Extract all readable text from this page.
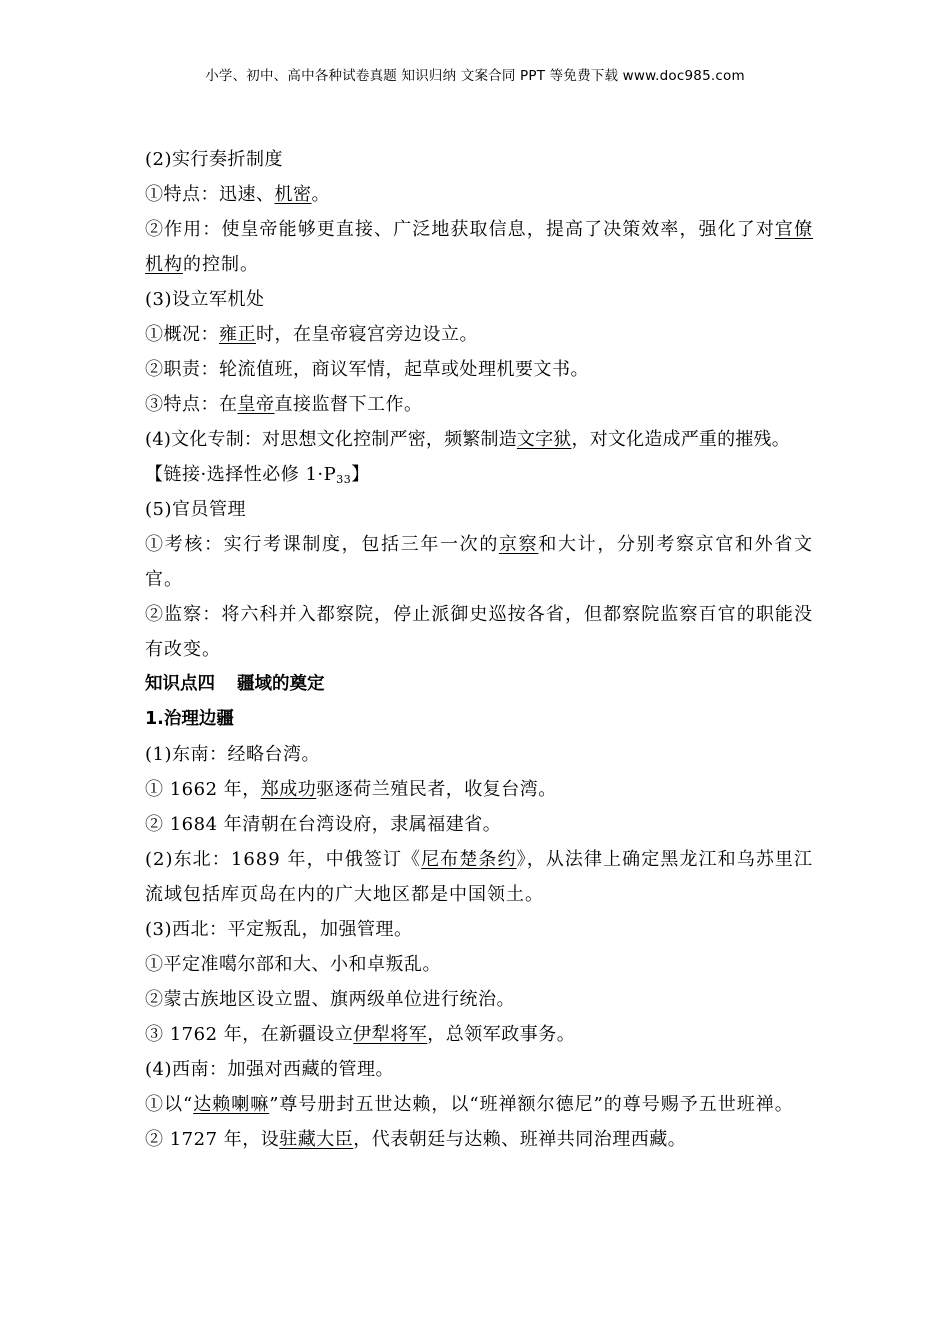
小学、初中、高中各种试卷真题 知识归纳 文案合同 PPT 等免费下载 www.doc985.com
(2)实行奏折制度
①特点：迅速、机密。
②作用：使皇帝能够更直接、广泛地获取信息，提高了决策效率，强化了对官僚机构的控制。
(3)设立军机处
①概况：雍正时，在皇帝寝宫旁边设立。
②职责：轮流值班，商议军情，起草或处理机要文书。
③特点：在皇帝直接监督下工作。
(4)文化专制：对思想文化控制严密，频繁制造文字狱，对文化造成严重的摧残。
【链接·选择性必修 $1\cdot P_{33}$】
(5)官员管理
①考核：实行考课制度，包括三年一次的京察和大计，分别考察京官和外省文官。
②监察：将六科并入都察院，停止派御史巡按各省，但都察院监察百官的职能没有改变。
知识点四 疆域的奠定
1.治理边疆
(1)东南：经略台湾。
① 1662 年，郑成功驱逐荷兰殖民者，收复台湾。
② 1684 年清朝在台湾设府，隶属福建省。
(2)东北：1689 年，中俄签订《尼布楚条约》，从法律上确定黑龙江和乌苏里江流域包括库页岛在内的广大地区都是中国领土。
(3)西北：平定叛乱，加强管理。
①平定准噶尔部和大、小和卓叛乱。
②蒙古族地区设立盟、旗两级单位进行统治。
③ 1762 年，在新疆设立伊犁将军，总领军政事务。
(4)西南：加强对西藏的管理。
①以“达赖喇嘛”尊号册封五世达赖，以“班禅额尔德尼”的尊号赐予五世班禅。
② 1727 年，设驻藏大臣，代表朝廷与达赖、班禅共同治理西藏。
